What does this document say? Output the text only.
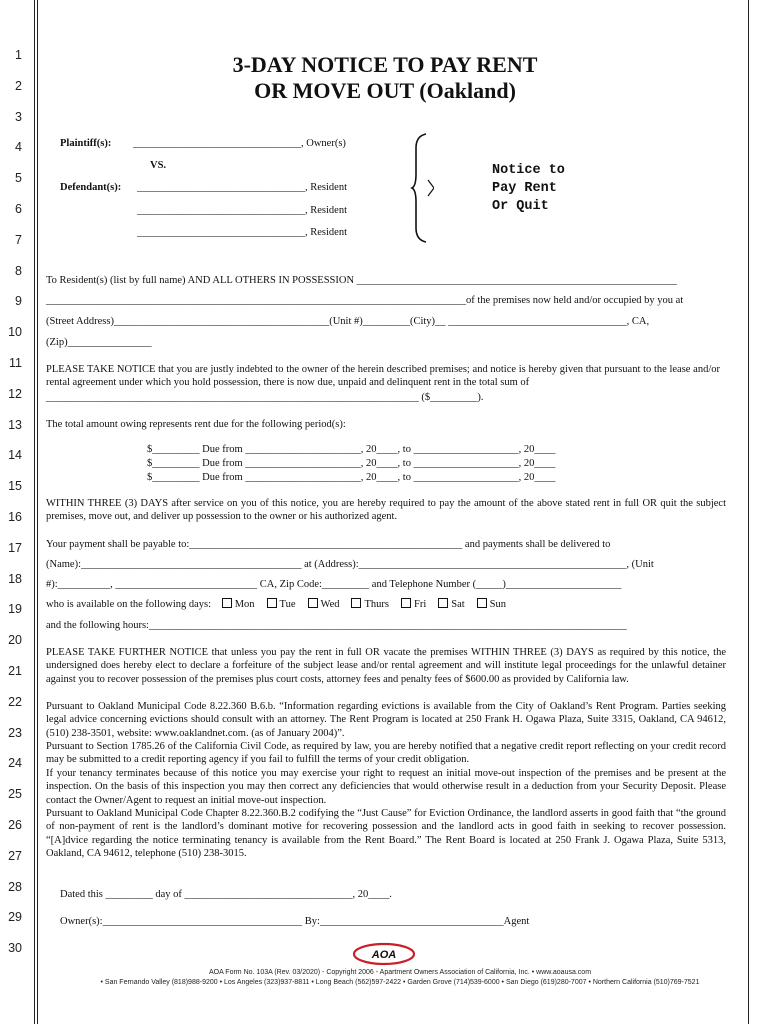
1
2
3
4
5
6
7
8
9
10
11
12
13
14
15
16
17
18
19
20
21
22
23
24
25
26
27
28
29
30
3-DAY NOTICE TO PAY RENT
OR MOVE OUT (Oakland)
Plaintiff(s): ________________________________, Owner(s)
VS.
Defendant(s): ________________________________, Resident
________________________________, Resident
________________________________, Resident
Notice to
Pay Rent
Or Quit
To Resident(s) (list by full name) AND ALL OTHERS IN POSSESSION _____________________________________________________________
________________________________________________________________________________of the premises now held and/or occupied by you at
(Street Address)_________________________________________(Unit #)_________(City)__ __________________________________, CA,
(Zip)________________
PLEASE TAKE NOTICE that you are justly indebted to the owner of the herein described premises; and notice is hereby given that pursuant to the lease and/or rental agreement under which you hold possession, there is now due, unpaid and delinquent rent in the total sum of
_______________________________________________________________________ ($_________).
The total amount owing represents rent due for the following period(s):
$_________ Due from ______________________, 20____, to ____________________, 20____
$_________ Due from ______________________, 20____, to ____________________, 20____
$_________ Due from ______________________, 20____, to ____________________, 20____
WITHIN THREE (3) DAYS after service on you of this notice, you are hereby required to pay the amount of the above stated rent in full OR quit the subject premises, move out, and deliver up possession to the owner or his authorized agent.
Your payment shall be payable to:____________________________________________________ and payments shall be delivered to
(Name):__________________________________________ at (Address):___________________________________________________, (Unit
#):__________, ___________________________ CA, Zip Code:_________ and Telephone Number (_____)______________________
who is available on the following days: Mon Tue Wed Thurs Fri Sat Sun
and the following hours:___________________________________________________________________________________________
PLEASE TAKE FURTHER NOTICE that unless you pay the rent in full OR vacate the premises WITHIN THREE (3) DAYS as required by this notice, the undersigned does hereby elect to declare a forfeiture of the subject lease and/or rental agreement and will institute legal proceedings for the unlawful detainer against you to recover possession of the premises plus court costs, attorney fees and penalty fees of $600.00 as provided by California law.
Pursuant to Oakland Municipal Code 8.22.360 B.6.b. “Information regarding evictions is available from the City of Oakland’s Rent Program. Parties seeking legal advice concerning evictions should consult with an attorney. The Rent Program is located at 250 Frank H. Ogawa Plaza, Suite 3315, Oakland, CA 94612, (510) 238-3501, website: www.oaklandnet.com. (as of January 2004)”.
Pursuant to Section 1785.26 of the California Civil Code, as required by law, you are hereby notified that a negative credit report reflecting on your credit record may be submitted to a credit reporting agency if you fail to fulfill the terms of your credit obligation.
If your tenancy terminates because of this notice you may exercise your right to request an initial move-out inspection of the premises and be present at the inspection. On the basis of this inspection you may then correct any deficiencies that would otherwise result in a deduction from your Security Deposit. Please contact the Owner/Agent to request an initial move-out inspection.
Pursuant to Oakland Municipal Code Chapter 8.22.360.B.2 codifying the “Just Cause” for Eviction Ordinance, the landlord asserts in good faith that “the ground of non-payment of rent is the landlord’s dominant motive for recovering possession and the landlord acts in good faith in seeking to recover possession. “[A]dvice regarding the notice terminating tenancy is available from the Rent Board.” The Rent Board is located at 250 Frank J. Ogawa Plaza, Suite 5313, Oakland, CA 94612, telephone (510) 238-3015.
Dated this _________ day of ________________________________, 20____.
Owner(s):______________________________________ By:___________________________________Agent
AOA
AOA Form No. 103A (Rev. 03/2020) - Copyright 2006 - Apartment Owners Association of California, Inc. • www.aoausa.com
• San Fernando Valley (818)988-9200 • Los Angeles (323)937-8811 • Long Beach (562)597-2422 • Garden Grove (714)539-6000 • San Diego (619)280-7007 • Northern California (510)769-7521
